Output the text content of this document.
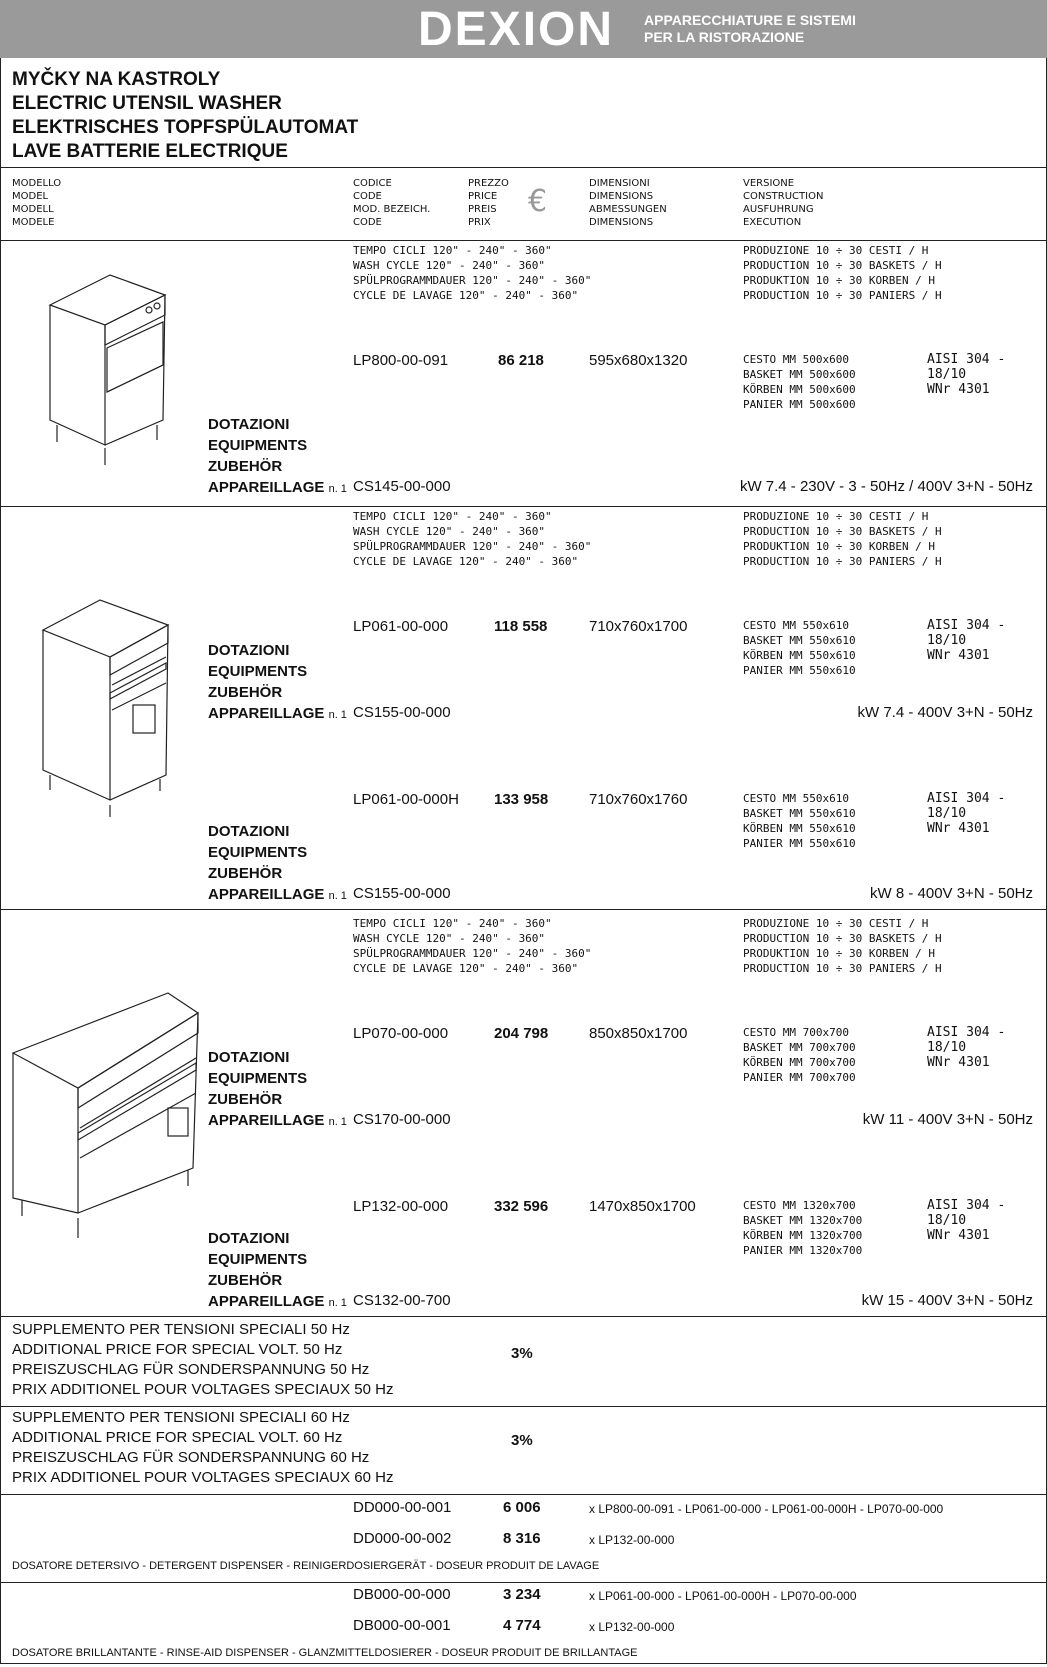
DEXION APPARECCHIATURE E SISTEMI
PER LA RISTORAZIONE
MYČKY NA KASTROLY
ELECTRIC UTENSIL WASHER
ELEKTRISCHES TOPFSPÜLAUTOMAT
LAVE BATTERIE ELECTRIQUE
MODELLO
MODEL
MODELL
MODELE
CODICE
CODE
MOD. BEZEICH.
CODE
PREZZO
PRICE
PREIS
PRIX
€
DIMENSIONI
DIMENSIONS
ABMESSUNGEN
DIMENSIONS
VERSIONE
CONSTRUCTION
AUSFUHRUNG
EXECUTION
TEMPO CICLI 120" - 240" - 360"
WASH CYCLE 120" - 240" - 360"
SPÜLPROGRAMMDAUER 120" - 240" - 360"
CYCLE DE LAVAGE 120" - 240" - 360"
PRODUZIONE 10 ÷ 30 CESTI / H
PRODUCTION 10 ÷ 30 BASKETS / H
PRODUKTION 10 ÷ 30 KORBEN / H
PRODUCTION 10 ÷ 30 PANIERS / H
LP800-00-091	86 218	595x680x1320	CESTO MM 500x600
BASKET MM 500x600
KÖRBEN MM 500x600
PANIER MM 500x600
AISI 304 - 18/10
WNr 4301
DOTAZIONI
EQUIPMENTS
ZUBEHÖR
APPAREILLAGE n. 1 CS145-00-000	kW 7.4 - 230V - 3 - 50Hz / 400V 3+N - 50Hz
TEMPO CICLI 120" - 240" - 360"
WASH CYCLE 120" - 240" - 360"
SPÜLPROGRAMMDAUER 120" - 240" - 360"
CYCLE DE LAVAGE 120" - 240" - 360"
PRODUZIONE 10 ÷ 30 CESTI / H
PRODUCTION 10 ÷ 30 BASKETS / H
PRODUKTION 10 ÷ 30 KORBEN / H
PRODUCTION 10 ÷ 30 PANIERS / H
LP061-00-000	118 558	710x760x1700	CESTO MM 550x610
BASKET MM 550x610
KÖRBEN MM 550x610
PANIER MM 550x610
AISI 304 - 18/10
WNr 4301
DOTAZIONI
EQUIPMENTS
ZUBEHÖR
APPAREILLAGE n. 1 CS155-00-000	kW 7.4 - 400V 3+N - 50Hz
LP061-00-000H 133 958	710x760x1760	CESTO MM 550x610
BASKET MM 550x610
KÖRBEN MM 550x610
PANIER MM 550x610
AISI 304 - 18/10
WNr 4301
DOTAZIONI
EQUIPMENTS
ZUBEHÖR
APPAREILLAGE n. 1 CS155-00-000	kW 8 - 400V 3+N - 50Hz
TEMPO CICLI 120" - 240" - 360"
WASH CYCLE 120" - 240" - 360"
SPÜLPROGRAMMDAUER 120" - 240" - 360"
CYCLE DE LAVAGE 120" - 240" - 360"
PRODUZIONE 10 ÷ 30 CESTI / H
PRODUCTION 10 ÷ 30 BASKETS / H
PRODUKTION 10 ÷ 30 KORBEN / H
PRODUCTION 10 ÷ 30 PANIERS / H
LP070-00-000	204 798	850x850x1700	CESTO MM 700x700
BASKET MM 700x700
KÖRBEN MM 700x700
PANIER MM 700x700
AISI 304 - 18/10
WNr 4301
DOTAZIONI
EQUIPMENTS
ZUBEHÖR
APPAREILLAGE n. 1 CS170-00-000	kW 11 - 400V 3+N - 50Hz
LP132-00-000	332 596	1470x850x1700	CESTO MM 1320x700
BASKET MM 1320x700
KÖRBEN MM 1320x700
PANIER MM 1320x700
AISI 304 - 18/10
WNr 4301
DOTAZIONI
EQUIPMENTS
ZUBEHÖR
APPAREILLAGE n. 1 CS132-00-700	kW 15 - 400V 3+N - 50Hz
SUPPLEMENTO PER TENSIONI SPECIALI 50 Hz
ADDITIONAL PRICE FOR SPECIAL VOLT. 50 Hz
PREISZUSCHLAG FÜR SONDERSPANNUNG 50 Hz
PRIX ADDITIONEL POUR VOLTAGES SPECIAUX 50 Hz
3%
SUPPLEMENTO PER TENSIONI SPECIALI 60 Hz
ADDITIONAL PRICE FOR SPECIAL VOLT. 60 Hz
PREISZUSCHLAG FÜR SONDERSPANNUNG 60 Hz
PRIX ADDITIONEL POUR VOLTAGES SPECIAUX 60 Hz
3%
DD000-00-001	6 006	x LP800-00-091 - LP061-00-000 - LP061-00-000H - LP070-00-000
DD000-00-002	8 316	x LP132-00-000
DOSATORE DETERSIVO - DETERGENT DISPENSER - REINIGERDOSIERGERÄT - DOSEUR PRODUIT DE LAVAGE
DB000-00-000	3 234	x LP061-00-000 - LP061-00-000H - LP070-00-000
DB000-00-001	4 774	x LP132-00-000
DOSATORE BRILLANTANTE - RINSE-AID DISPENSER - GLANZMITTELDOSIERER - DOSEUR PRODUIT DE BRILLANTAGE
